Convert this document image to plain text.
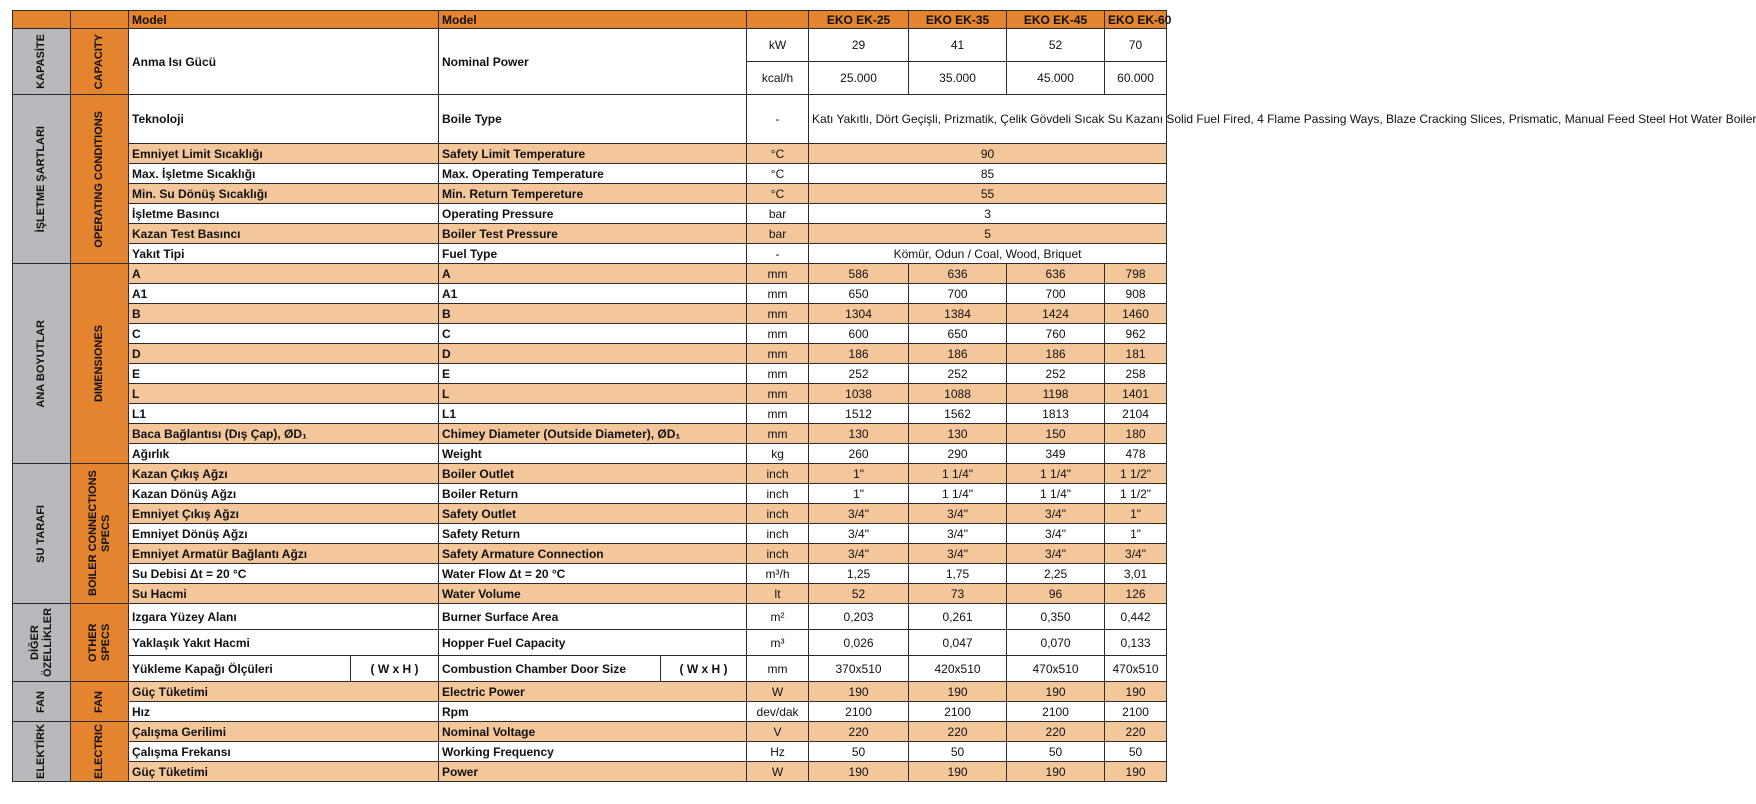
		Model		Model			EKO EK-25	EKO EK-35	EKO EK-45	EKO EK-60

KAPASİTE	CAPACITY	Anma Isı Gücü		Nominal Power		kW	29	41	52	70
						kcal/h	25.000	35.000	45.000	60.000

İŞLETME ŞARTLARI	OPERATING CONDITIONS	Teknoloji		Boile Type		-	Katı Yakıtlı, Dört Geçişli, Prizmatik, Çelik Gövdeli Sıcak Su Kazanı Solid Fuel Fired, 4 Flame Passing Ways, Blaze Cracking Slices, Prismatic, Manual Feed Steel Hot Water Boiler			
		Emniyet Limit Sıcaklığı		Safety Limit Temperature		°C	90			
		Max. İşletme Sıcaklığı		Max. Operating Temperature		°C	85			
		Min. Su Dönüş Sıcaklığı		Min. Return Tempereture		°C	55			
		İşletme Basıncı		Operating Pressure		bar	3			
		Kazan Test Basıncı		Boiler Test Pressure		bar	5			
		Yakıt Tipi		Fuel Type		-	Kömür, Odun / Coal, Wood, Briquet			

ANA BOYUTLAR	DIMENSIONES	A		A		mm	586	636	636	798
		A1		A1		mm	650	700	700	908
		B		B		mm	1304	1384	1424	1460
		C		C		mm	600	650	760	962
		D		D		mm	186	186	186	181
		E		E		mm	252	252	252	258
		L		L		mm	1038	1088	1198	1401
		L1		L1		mm	1512	1562	1813	2104
		Baca Bağlantısı (Dış Çap), ØD₁		Chimey Diameter (Outside Diameter), ØD₁		mm	130	130	150	180
		Ağırlık		Weight		kg	260	290	349	478

SU TARAFI	BOILER CONNECTIONS SPECS	Kazan Çıkış Ağzı		Boiler Outlet		inch	1"	1 1/4"	1 1/4"	1 1/2"
		Kazan Dönüş Ağzı		Boiler Return		inch	1"	1 1/4"	1 1/4"	1 1/2"
		Emniyet Çıkış Ağzı		Safety Outlet		inch	3/4"	3/4"	3/4"	1"
		Emniyet Dönüş Ağzı		Safety Return		inch	3/4"	3/4"	3/4"	1"
		Emniyet Armatür Bağlantı Ağzı		Safety Armature Connection		inch	3/4"	3/4"	3/4"	3/4"
		Su Debisi Δt = 20 °C		Water Flow Δt = 20 °C		m³/h	1,25	1,75	2,25	3,01
		Su Hacmi		Water Volume		lt	52	73	96	126

DİĞER ÖZELLİKLER	OTHER SPECS	Izgara Yüzey Alanı		Burner Surface Area		m²	0,203	0,261	0,350	0,442
		Yaklaşık Yakıt Hacmi		Hopper Fuel Capacity		m³	0,026	0,047	0,070	0,133
		Yükleme Kapağı Ölçüleri	( W x H )	Combustion Chamber Door Size	( W x H )	mm	370x510	420x510	470x510	470x510

FAN	FAN	Güç Tüketimi		Electric Power		W	190	190	190	190
		Hız		Rpm		dev/dak	2100	2100	2100	2100

ELEKTİRK	ELECTRIC	Çalışma Gerilimi		Nominal Voltage		V	220	220	220	220
		Çalışma Frekansı		Working Frequency		Hz	50	50	50	50
		Güç Tüketimi		Power		W	190	190	190	190
